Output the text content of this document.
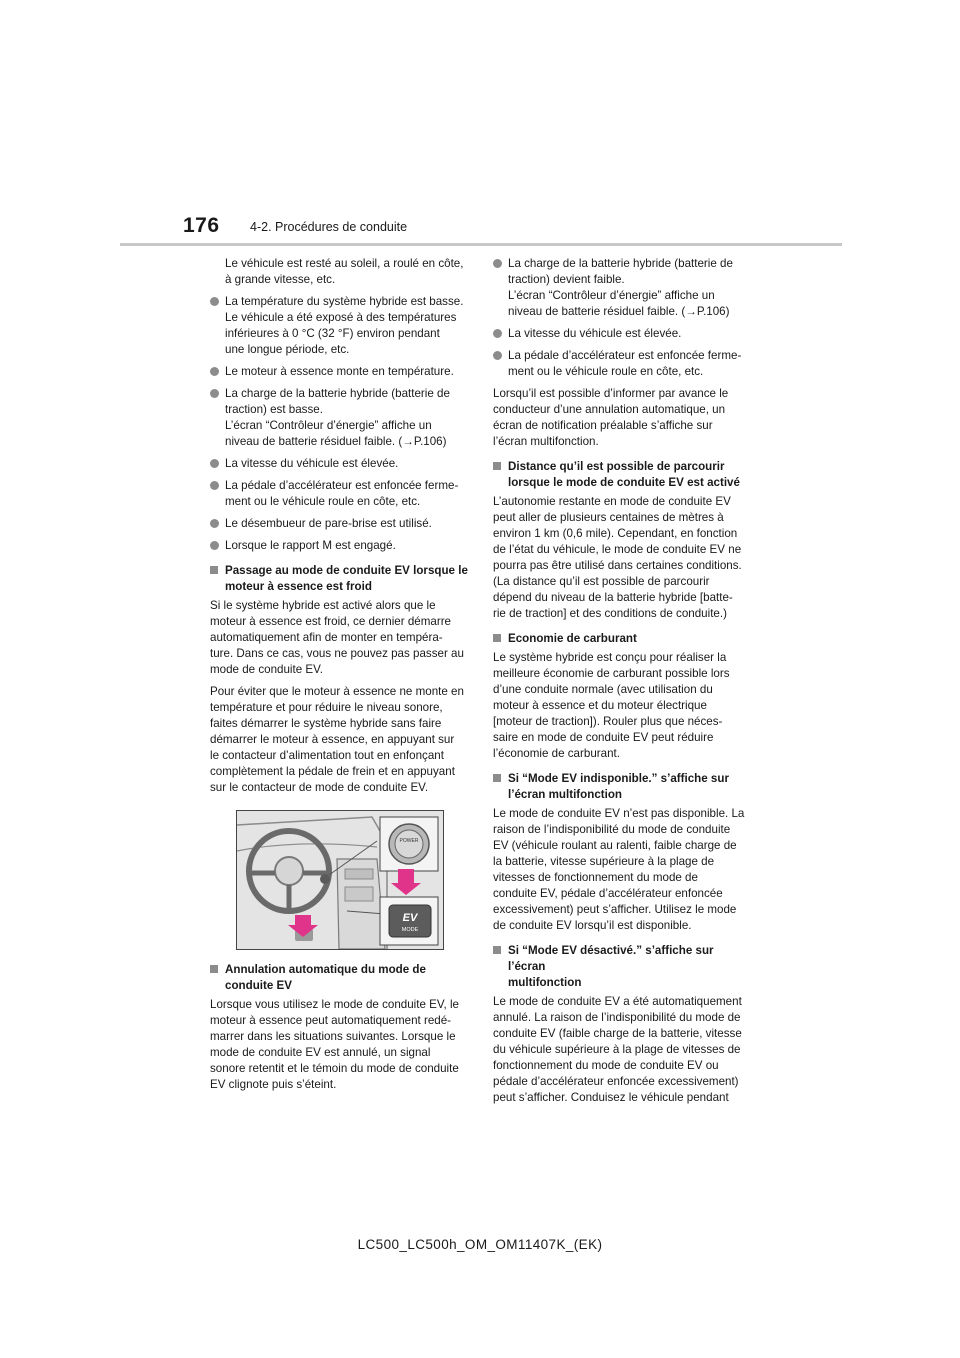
176 4-2. Procédures de conduite
Le véhicule est resté au soleil, a roulé en côte,
à grande vitesse, etc.
La température du système hybride est basse.
Le véhicule a été exposé à des températures
inférieures à 0 °C (32 °F) environ pendant
une longue période, etc.
Le moteur à essence monte en température.
La charge de la batterie hybride (batterie de
traction) est basse.
L’écran “Contrôleur d’énergie” affiche un
niveau de batterie résiduel faible. (→P.106)
La vitesse du véhicule est élevée.
La pédale d’accélérateur est enfoncée ferme-
ment ou le véhicule roule en côte, etc.
Le désembueur de pare-brise est utilisé.
Lorsque le rapport M est engagé.
Passage au mode de conduite EV lorsque le
moteur à essence est froid
Si le système hybride est activé alors que le
moteur à essence est froid, ce dernier démarre
automatiquement afin de monter en tempéra-
ture. Dans ce cas, vous ne pouvez pas passer au
mode de conduite EV.
Pour éviter que le moteur à essence ne monte en
température et pour réduire le niveau sonore,
faites démarrer le système hybride sans faire
démarrer le moteur à essence, en appuyant sur
le contacteur d’alimentation tout en enfonçant
complètement la pédale de frein et en appuyant
sur le contacteur de mode de conduite EV.
POWER
EV
MODE
Annulation automatique du mode de
conduite EV
Lorsque vous utilisez le mode de conduite EV, le
moteur à essence peut automatiquement redé-
marrer dans les situations suivantes. Lorsque le
mode de conduite EV est annulé, un signal
sonore retentit et le témoin du mode de conduite
EV clignote puis s’éteint.
La charge de la batterie hybride (batterie de
traction) devient faible.
L’écran “Contrôleur d’énergie” affiche un
niveau de batterie résiduel faible. (→P.106)
La vitesse du véhicule est élevée.
La pédale d’accélérateur est enfoncée ferme-
ment ou le véhicule roule en côte, etc.
Lorsqu’il est possible d’informer par avance le
conducteur d’une annulation automatique, un
écran de notification préalable s’affiche sur
l’écran multifonction.
Distance qu’il est possible de parcourir
lorsque le mode de conduite EV est activé
L’autonomie restante en mode de conduite EV
peut aller de plusieurs centaines de mètres à
environ 1 km (0,6 mile). Cependant, en fonction
de l’état du véhicule, le mode de conduite EV ne
pourra pas être utilisé dans certaines conditions.
(La distance qu’il est possible de parcourir
dépend du niveau de la batterie hybride [batte-
rie de traction] et des conditions de conduite.)
Economie de carburant
Le système hybride est conçu pour réaliser la
meilleure économie de carburant possible lors
d’une conduite normale (avec utilisation du
moteur à essence et du moteur électrique
[moteur de traction]). Rouler plus que néces-
saire en mode de conduite EV peut réduire
l’économie de carburant.
Si “Mode EV indisponible.” s’affiche sur
l’écran multifonction
Le mode de conduite EV n’est pas disponible. La
raison de l’indisponibilité du mode de conduite
EV (véhicule roulant au ralenti, faible charge de
la batterie, vitesse supérieure à la plage de
vitesses de fonctionnement du mode de
conduite EV, pédale d’accélérateur enfoncée
excessivement) peut s’afficher. Utilisez le mode
de conduite EV lorsqu’il est disponible.
Si “Mode EV désactivé.” s’affiche sur l’écran
multifonction
Le mode de conduite EV a été automatiquement
annulé. La raison de l’indisponibilité du mode de
conduite EV (faible charge de la batterie, vitesse
du véhicule supérieure à la plage de vitesses de
fonctionnement du mode de conduite EV ou
pédale d’accélérateur enfoncée excessivement)
peut s’afficher. Conduisez le véhicule pendant
LC500_LC500h_OM_OM11407K_(EK)
